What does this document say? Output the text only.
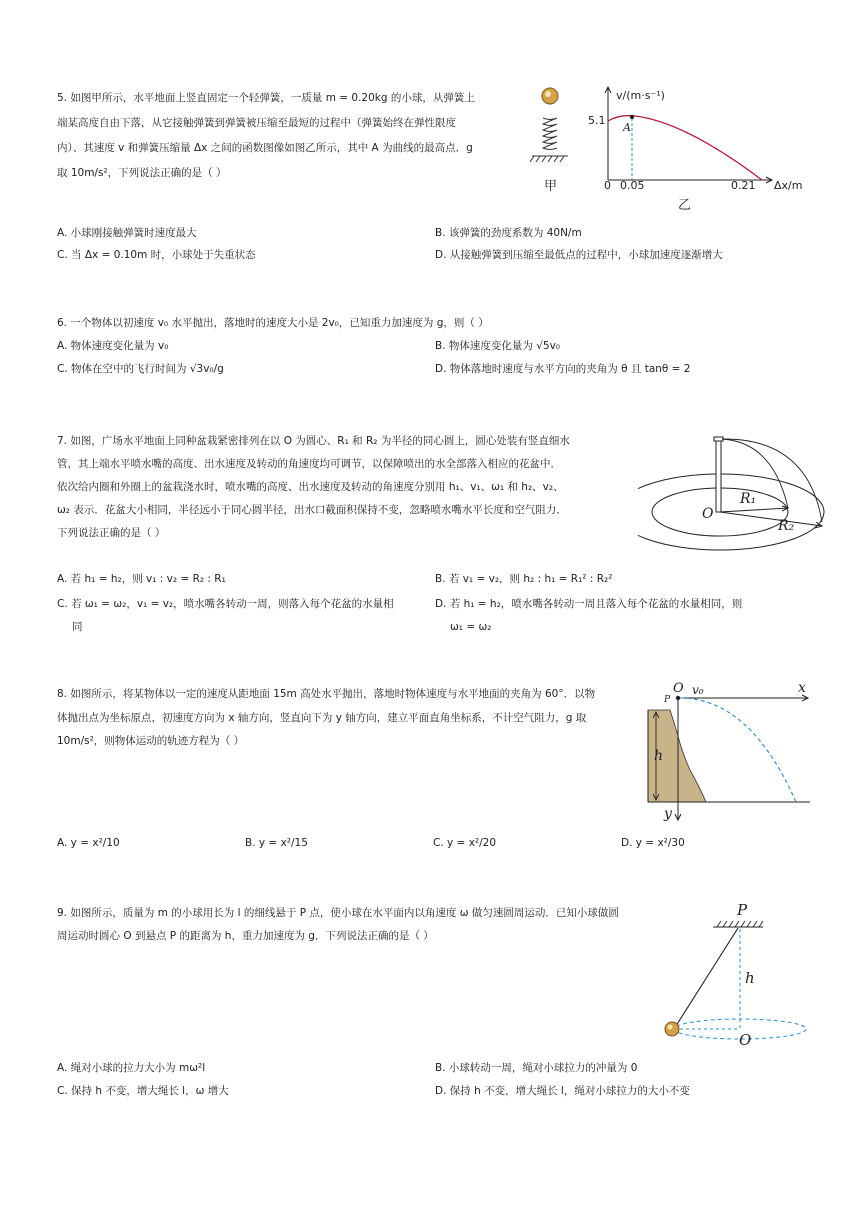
5. 如图甲所示，水平地面上竖直固定一个轻弹簧，一质量 m = 0.20kg 的小球，从弹簧上
端某高度自由下落，从它接触弹簧到弹簧被压缩至最短的过程中（弹簧始终在弹性限度
内）、其速度 v 和弹簧压缩量 Δx 之间的函数图像如图乙所示，其中 A 为曲线的最高点．g
取 10m/s²，下列说法正确的是（ ）
甲
v/(m·s⁻¹)
5.1
A
0 0.05	0.21 Δx/m
乙
A. 小球刚接触弹簧时速度最大	B. 该弹簧的劲度系数为 40N/m
C. 当 Δx = 0.10m 时，小球处于失重状态	D. 从接触弹簧到压缩至最低点的过程中，小球加速度逐渐增大
6. 一个物体以初速度 v₀ 水平抛出，落地时的速度大小是 2v₀，已知重力加速度为 g，则（ ）
A. 物体速度变化量为 v₀	B. 物体速度变化量为 √5v₀
C. 物体在空中的飞行时间为 √3v₀/g	D. 物体落地时速度与水平方向的夹角为 θ 且 tanθ = 2
7. 如图，广场水平地面上同种盆栽紧密排列在以 O 为圆心、R₁ 和 R₂ 为半径的同心圆上，圆心处装有竖直细水
管，其上端水平喷水嘴的高度、出水速度及转动的角速度均可调节，以保障喷出的水全部落入相应的花盆中．
依次给内圈和外圈上的盆栽浇水时，喷水嘴的高度、出水速度及转动的角速度分别用 h₁、v₁、ω₁ 和 h₂、v₂、
ω₂ 表示．花盆大小相同，半径远小于同心圆半径，出水口截面积保持不变，忽略喷水嘴水平长度和空气阻力．
下列说法正确的是（ ）
O
R₁
R₂
A. 若 h₁ = h₂，则 v₁ : v₂ = R₂ : R₁	B. 若 v₁ = v₂，则 h₂ : h₁ = R₁² : R₂²
C. 若 ω₁ = ω₂，v₁ = v₂，喷水嘴各转动一周，则落入每个花盆的水量相
同
D. 若 h₁ = h₂，喷水嘴各转动一周且落入每个花盆的水量相同，则
ω₁ = ω₂
8. 如图所示，将某物体以一定的速度从距地面 15m 高处水平抛出，落地时物体速度与水平地面的夹角为 60°．以物
体抛出点为坐标原点，初速度方向为 x 轴方向，竖直向下为 y 轴方向，建立平面直角坐标系，不计空气阻力，g 取
10m/s²，则物体运动的轨迹方程为（ ）
P
O v₀	x
h
y
A. y = x²/10	B. y = x²/15	C. y = x²/20	D. y = x²/30
9. 如图所示，质量为 m 的小球用长为 l 的细线悬于 P 点，使小球在水平面内以角速度 ω 做匀速圆周运动．已知小球做圆
周运动时圆心 O 到悬点 P 的距离为 h，重力加速度为 g．下列说法正确的是（ ）
P
h
O
A. 绳对小球的拉力大小为 mω²l	B. 小球转动一周，绳对小球拉力的冲量为 0
C. 保持 h 不变，增大绳长 l，ω 增大	D. 保持 h 不变，增大绳长 l，绳对小球拉力的大小不变
